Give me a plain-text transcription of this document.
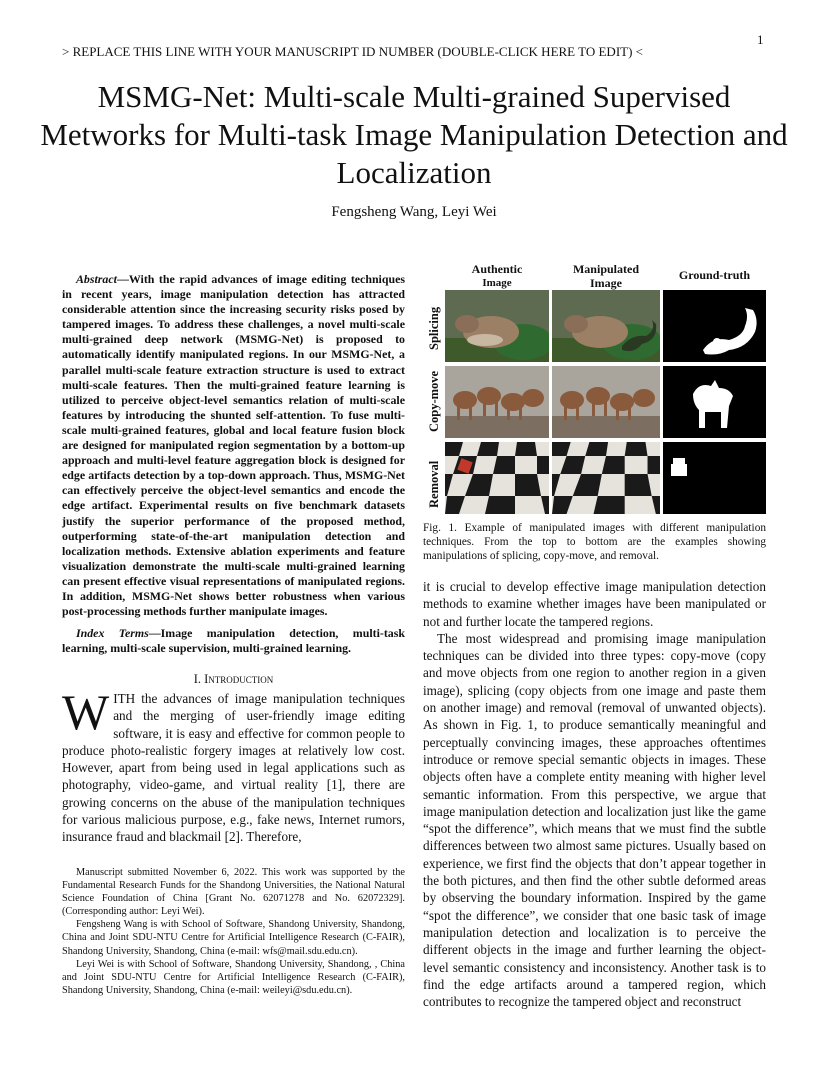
> REPLACE THIS LINE WITH YOUR MANUSCRIPT ID NUMBER (DOUBLE-CLICK HERE TO EDIT) <
1
MSMG-Net: Multi-scale Multi-grained Supervised Metworks for Multi-task Image Manipulation Detection and Localization
Fengsheng Wang, Leyi Wei
Abstract—With the rapid advances of image editing techniques in recent years, image manipulation detection has attracted considerable attention since the increasing security risks posed by tampered images. To address these challenges, a novel multi-scale multi-grained deep network (MSMG-Net) is proposed to automatically identify manipulated regions. In our MSMG-Net, a parallel multi-scale feature extraction structure is used to extract multi-scale features. Then the multi-grained feature learning is utilized to perceive object-level semantics relation of multi-scale features by introducing the shunted self-attention. To fuse multi-scale multi-grained features, global and local feature fusion block are designed for manipulated region segmentation by a bottom-up approach and multi-level feature aggregation block is designed for edge artifacts detection by a top-down approach. Thus, MSMG-Net can effectively perceive the object-level semantics and encode the edge artifact. Experimental results on five benchmark datasets justify the superior performance of the proposed method, outperforming state-of-the-art manipulation detection and localization methods. Extensive ablation experiments and feature visualization demonstrate the multi-scale multi-grained learning can present effective visual representations of manipulated regions. In addition, MSMG-Net shows better robustness when various post-processing methods further manipulate images.
Index Terms—Image manipulation detection, multi-task learning, multi-scale supervision, multi-grained learning.
I. Introduction
WITH the advances of image manipulation techniques and the merging of user-friendly image editing software, it is easy and effective for common people to produce photo-realistic forgery images at relatively low cost. However, apart from being used in legal applications such as photography, video-game, and virtual reality [1], there are growing concerns on the abuse of the manipulation techniques for various malicious purpose, e.g., fake news, Internet rumors, insurance fraud and blackmail [2]. Therefore,

Manuscript submitted November 6, 2022. This work was supported by the Fundamental Research Funds for the Shandong Universities, the National Natural Science Foundation of China [Grant No. 62071278 and No. 62072329]. (Corresponding author: Leyi Wei).

Fengsheng Wang is with School of Software, Shandong University, Shandong, China and Joint SDU-NTU Centre for Artificial Intelligence Research (C-FAIR), Shandong University, Shandong, China (e-mail: wfs@mail.sdu.edu.cn).

Leyi Wei is with School of Software, Shandong University, Shandong, , China and Joint SDU-NTU Centre for Artificial Intelligence Research (C-FAIR), Shandong University, Shandong, China (e-mail: weileyi@sdu.edu.cn).

Authentic
Image
Manipulated
Image
Ground-truth
Splicing
Copy-move
Removal
Fig. 1. Example of manipulated images with different manipulation techniques. From the top to bottom are the examples showing manipulations of splicing, copy-move, and removal.

it is crucial to develop effective image manipulation detection methods to examine whether images have been manipulated or not and further locate the tampered regions.

The most widespread and promising image manipulation techniques can be divided into three types: copy-move (copy and move objects from one region to another region in a given image), splicing (copy objects from one image and paste them on another image) and removal (removal of unwanted objects). As shown in Fig. 1, to produce semantically meaningful and perceptually convincing images, these approaches oftentimes introduce or remove special semantic objects in images. These objects often have a complete entity meaning with higher level semantic information. From this perspective, we argue that image manipulation detection and localization just like the game “spot the difference”, which means that we must find the subtle differences between two almost same pictures. Usually based on experience, we first find the objects that don’t appear together in the both pictures, and then find the other subtle deformed areas by observing the boundary information. Inspired by the game “spot the difference”, we consider that one basic task of image manipulation detection and localization is to perceive the different objects in the image and further learning the object-level semantic consistency and inconsistency. Another task is to find the edge artifacts around a tampered region, which contributes to recognize the tampered object and reconstruct
